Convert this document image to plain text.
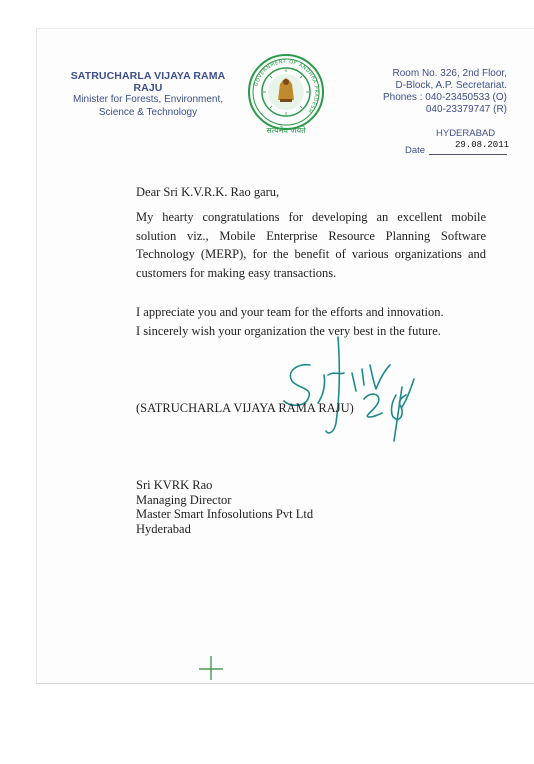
SATRUCHARLA VIJAYA RAMA RAJU
Minister for Forests, Environment,
Science & Technology
GOVERNMENT OF ANDHRA PRADESH
सत्यमेव जयते
Room No. 326, 2nd Floor,
D-Block, A.P. Secretariat.
Phones : 040-23450533 (O)
040-23379747 (R)
HYDERABAD
Date	29.08.2011
Dear Sri K.V.R.K. Rao garu,

My hearty congratulations for developing an excellent mobile solution viz., Mobile Enterprise Resource Planning Software Technology (MERP), for the benefit of various organizations and customers for making easy transactions.

I appreciate you and your team for the efforts and innovation.
I sincerely wish your organization the very best in the future.
(SATRUCHARLA VIJAYA RAMA RAJU)
Sri KVRK Rao
Managing Director
Master Smart Infosolutions Pvt Ltd
Hyderabad
